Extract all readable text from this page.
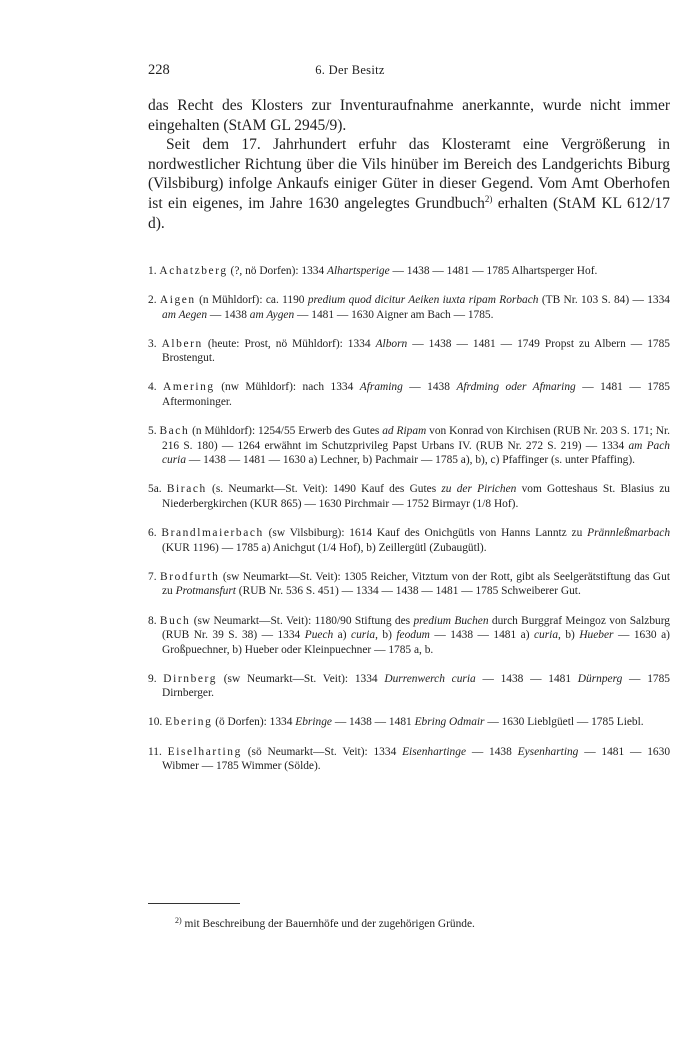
228	6. Der Besitz

das Recht des Klosters zur Inventuraufnahme anerkannte, wurde nicht immer eingehalten (StAM GL 2945/9).

Seit dem 17. Jahrhundert erfuhr das Klosteramt eine Vergrößerung in nordwestlicher Richtung über die Vils hinüber im Bereich des Landgerichts Biburg (Vilsbiburg) infolge Ankaufs einiger Güter in dieser Gegend. Vom Amt Oberhofen ist ein eigenes, im Jahre 1630 angelegtes Grundbuch$^{2)}$ erhalten (StAM KL 612/17 d).

1. Achatzberg (?, nö Dorfen): 1334 Alhartsperige — 1438 — 1481 — 1785 Alhartsperger Hof.
2. Aigen (n Mühldorf): ca. 1190 predium quod dicitur Aeiken iuxta ripam Rorbach (TB Nr. 103 S. 84) — 1334 am Aegen — 1438 am Aygen — 1481 — 1630 Aigner am Bach — 1785.
3. Albern (heute: Prost, nö Mühldorf): 1334 Alborn — 1438 — 1481 — 1749 Propst zu Albern — 1785 Brostengut.
4. Amering (nw Mühldorf): nach 1334 Aframing — 1438 Afrdming oder Afmaring — 1481 — 1785 Aftermoninger.
5. Bach (n Mühldorf): 1254/55 Erwerb des Gutes ad Ripam von Konrad von Kirchisen (RUB Nr. 203 S. 171; Nr. 216 S. 180) — 1264 erwähnt im Schutzprivileg Papst Urbans IV. (RUB Nr. 272 S. 219) — 1334 am Pach curia — 1438 — 1481 — 1630 a) Lechner, b) Pachmair — 1785 a), b), c) Pfaffinger (s. unter Pfaffing).
5a. Birach (s. Neumarkt—St. Veit): 1490 Kauf des Gutes zu der Pirichen vom Gotteshaus St. Blasius zu Niederbergkirchen (KUR 865) — 1630 Pirchmair — 1752 Birmayr (1/8 Hof).
6. Brandlmaierbach (sw Vilsbiburg): 1614 Kauf des Onichgütls von Hanns Lanntz zu Prännleßmarbach (KUR 1196) — 1785 a) Anichgut (1/4 Hof), b) Zeillergütl (Zubaugütl).
7. Brodfurth (sw Neumarkt—St. Veit): 1305 Reicher, Vitztum von der Rott, gibt als Seelgerätstiftung das Gut zu Protmansfurt (RUB Nr. 536 S. 451) — 1334 — 1438 — 1481 — 1785 Schweiberer Gut.
8. Buch (sw Neumarkt—St. Veit): 1180/90 Stiftung des predium Buchen durch Burggraf Meingoz von Salzburg (RUB Nr. 39 S. 38) — 1334 Puech a) curia, b) feodum — 1438 — 1481 a) curia, b) Hueber — 1630 a) Großpuechner, b) Hueber oder Kleinpuechner — 1785 a, b.
9. Dirnberg (sw Neumarkt—St. Veit): 1334 Durrenwerch curia — 1438 — 1481 Dürnperg — 1785 Dirnberger.
10. Ebering (ö Dorfen): 1334 Ebringe — 1438 — 1481 Ebring Odmair — 1630 Lieblgüetl — 1785 Liebl.
11. Eiselharting (sö Neumarkt—St. Veit): 1334 Eisenhartinge — 1438 Eysenharting — 1481 — 1630 Wibmer — 1785 Wimmer (Sölde).
$^{2)}$ mit Beschreibung der Bauernhöfe und der zugehörigen Gründe.
